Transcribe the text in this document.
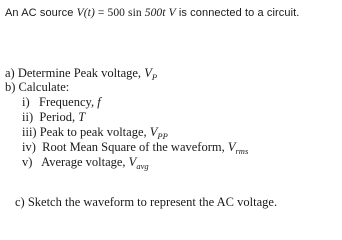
An AC source V(t) = 500 sin 500t V is connected to a circuit.
a) Determine Peak voltage, $V_P$
b) Calculate:
i)   Frequency, f
ii)  Period, T
iii) Peak to peak voltage, $V_{PP}$
iv)  Root Mean Square of the waveform, $V_{rms}$
v)   Average voltage, $V_{avg}$
c) Sketch the waveform to represent the AC voltage.
